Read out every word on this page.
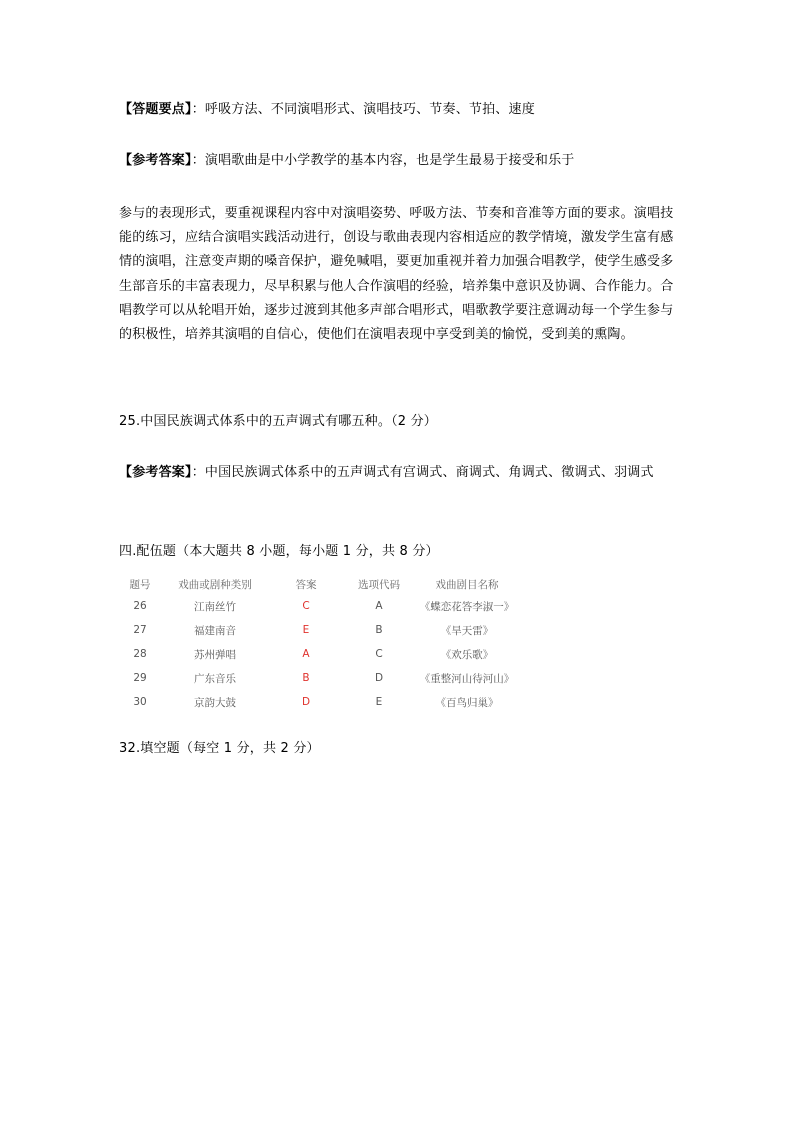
【答题要点】：呼吸方法、不同演唱形式、演唱技巧、节奏、节拍、速度
【参考答案】：演唱歌曲是中小学教学的基本内容，也是学生最易于接受和乐于
参与的表现形式，要重视课程内容中对演唱姿势、呼吸方法、节奏和音准等方面的要求。演唱技能的练习，应结合演唱实践活动进行，创设与歌曲表现内容相适应的教学情境，激发学生富有感情的演唱，注意变声期的嗓音保护，避免喊唱，要更加重视并着力加强合唱教学，使学生感受多生部音乐的丰富表现力，尽早积累与他人合作演唱的经验，培养集中意识及协调、合作能力。合唱教学可以从轮唱开始，逐步过渡到其他多声部合唱形式，唱歌教学要注意调动每一个学生参与的积极性，培养其演唱的自信心，使他们在演唱表现中享受到美的愉悦，受到美的熏陶。
25.中国民族调式体系中的五声调式有哪五种。（2 分）
【参考答案】：中国民族调式体系中的五声调式有宫调式、商调式、角调式、徵调式、羽调式
四.配伍题（本大题共 8 小题，每小题 1 分，共 8 分）
题号	戏曲或剧种类别	答案	选项代码	戏曲剧目名称
26	江南丝竹	C	A	《蝶恋花答李淑一》
27	福建南音	E	B	《旱天雷》
28	苏州弹唱	A	C	《欢乐歌》
29	广东音乐	B	D	《重整河山待河山》
30	京韵大鼓	D	E	《百鸟归巢》
32.填空题（每空 1 分，共 2 分）
